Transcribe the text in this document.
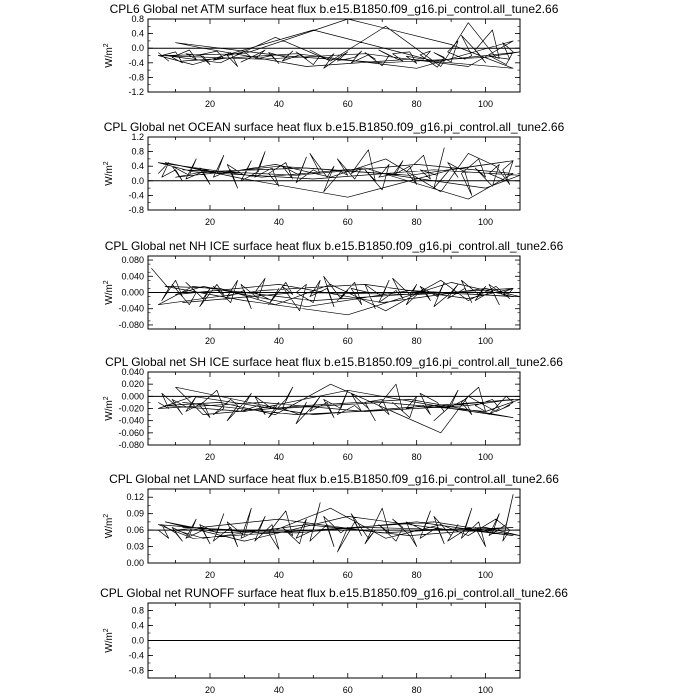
CPL6 Global net ATM surface heat flux b.e15.B1850.f09_g16.pi_control.all_tune2.66
20	40	60	80	100
-1.2
-0.8
-0.4
0.0
0.4
0.8
$W/m^2$
CPL Global net OCEAN surface heat flux b.e15.B1850.f09_g16.pi_control.all_tune2.66
20	40	60	80	100
-0.8
-0.4
0.0
0.4
0.8
1.2
$W/m^2$
CPL Global net NH ICE surface heat flux b.e15.B1850.f09_g16.pi_control.all_tune2.66
20	40	60	80	100
-0.080
-0.040
0.000
0.040
0.080
$W/m^2$
CPL Global net SH ICE surface heat flux b.e15.B1850.f09_g16.pi_control.all_tune2.66
20	40	60	80	100
-0.080
-0.060
-0.040
-0.020
0.000
0.020
0.040
$W/m^2$
CPL Global net LAND surface heat flux b.e15.B1850.f09_g16.pi_control.all_tune2.66
20	40	60	80	100
0.00
0.03
0.06
0.09
0.12
$W/m^2$
CPL Global net RUNOFF surface heat flux b.e15.B1850.f09_g16.pi_control.all_tune2.66
20	40	60	80	100
-0.8
-0.4
0.0
0.4
0.8
$W/m^2$
